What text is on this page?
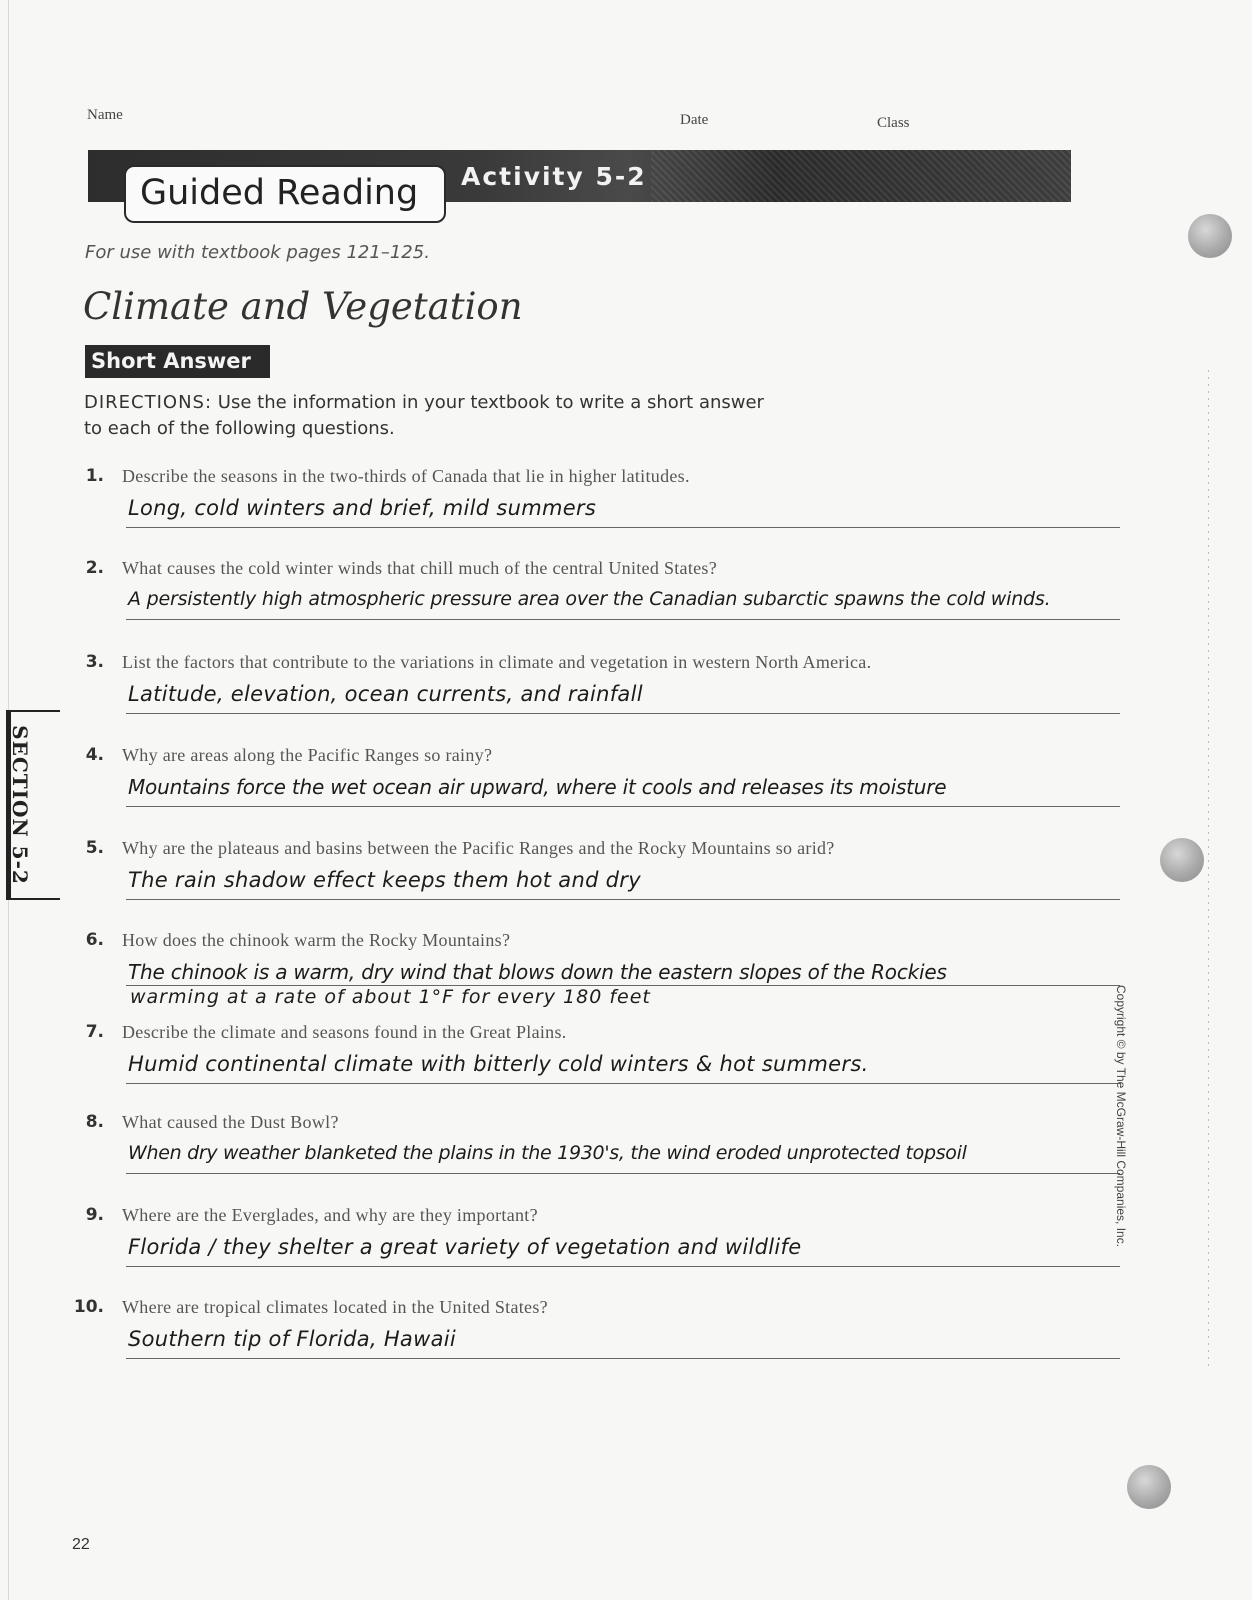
Name	Date	Class
Guided Reading	Activity 5-2
For use with textbook pages 121–125.
Climate and Vegetation
Short Answer
DIRECTIONS: Use the information in your textbook to write a short answer
to each of the following questions.
1. Describe the seasons in the two-thirds of Canada that lie in higher latitudes.
Long, cold winters and brief, mild summers
2. What causes the cold winter winds that chill much of the central United States?
A persistently high atmospheric pressure area over the Canadian subarctic spawns the cold winds.
3. List the factors that contribute to the variations in climate and vegetation in western North America.
Latitude, elevation, ocean currents, and rainfall
4. Why are areas along the Pacific Ranges so rainy?
Mountains force the wet ocean air upward, where it cools and releases its moisture
5. Why are the plateaus and basins between the Pacific Ranges and the Rocky Mountains so arid?
The rain shadow effect keeps them hot and dry
6. How does the chinook warm the Rocky Mountains?
The chinook is a warm, dry wind that blows down the eastern slopes of the Rockies
warming at a rate of about 1°F for every 180 feet
7. Describe the climate and seasons found in the Great Plains.
Humid continental climate with bitterly cold winters & hot summers.
8. What caused the Dust Bowl?
When dry weather blanketed the plains in the 1930's, the wind eroded unprotected topsoil
9. Where are the Everglades, and why are they important?
Florida / they shelter a great variety of vegetation and wildlife
10. Where are tropical climates located in the United States?
Southern tip of Florida, Hawaii
SECTION 5-2
Copyright © by The McGraw-Hill Companies, Inc.
22
